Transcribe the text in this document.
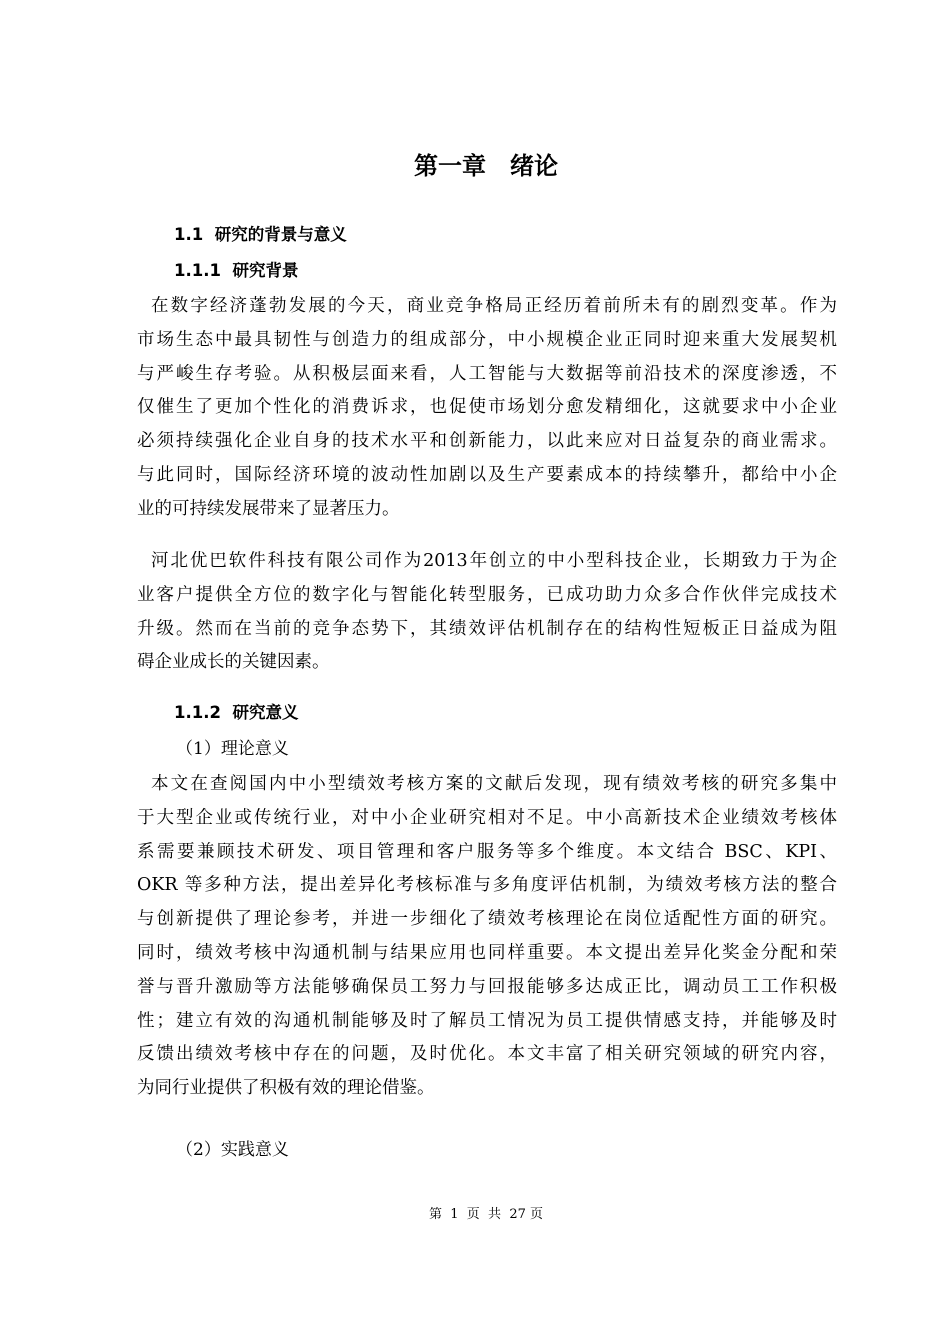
第一章　绪论
1.1  研究的背景与意义
1.1.1  研究背景
在数字经济蓬勃发展的今天，商业竞争格局正经历着前所未有的剧烈变革。作为
市场生态中最具韧性与创造力的组成部分，中小规模企业正同时迎来重大发展契机
与严峻生存考验。从积极层面来看，人工智能与大数据等前沿技术的深度渗透，不
仅催生了更加个性化的消费诉求，也促使市场划分愈发精细化，这就要求中小企业
必须持续强化企业自身的技术水平和创新能力，以此来应对日益复杂的商业需求。
与此同时，国际经济环境的波动性加剧以及生产要素成本的持续攀升，都给中小企
业的可持续发展带来了显著压力。
河北优巴软件科技有限公司作为2013年创立的中小型科技企业，长期致力于为企
业客户提供全方位的数字化与智能化转型服务，已成功助力众多合作伙伴完成技术
升级。然而在当前的竞争态势下，其绩效评估机制存在的结构性短板正日益成为阻
碍企业成长的关键因素。
1.1.2  研究意义
（1）理论意义
本文在查阅国内中小型绩效考核方案的文献后发现，现有绩效考核的研究多集中
于大型企业或传统行业，对中小企业研究相对不足。中小高新技术企业绩效考核体
系需要兼顾技术研发、项目管理和客户服务等多个维度。本文结合 BSC、KPI、
OKR 等多种方法，提出差异化考核标准与多角度评估机制，为绩效考核方法的整合
与创新提供了理论参考，并进一步细化了绩效考核理论在岗位适配性方面的研究。
同时，绩效考核中沟通机制与结果应用也同样重要。本文提出差异化奖金分配和荣
誉与晋升激励等方法能够确保员工努力与回报能够多达成正比，调动员工工作积极
性；建立有效的沟通机制能够及时了解员工情况为员工提供情感支持，并能够及时
反馈出绩效考核中存在的问题，及时优化。本文丰富了相关研究领域的研究内容，
为同行业提供了积极有效的理论借鉴。
（2）实践意义
第  1  页  共  27 页
